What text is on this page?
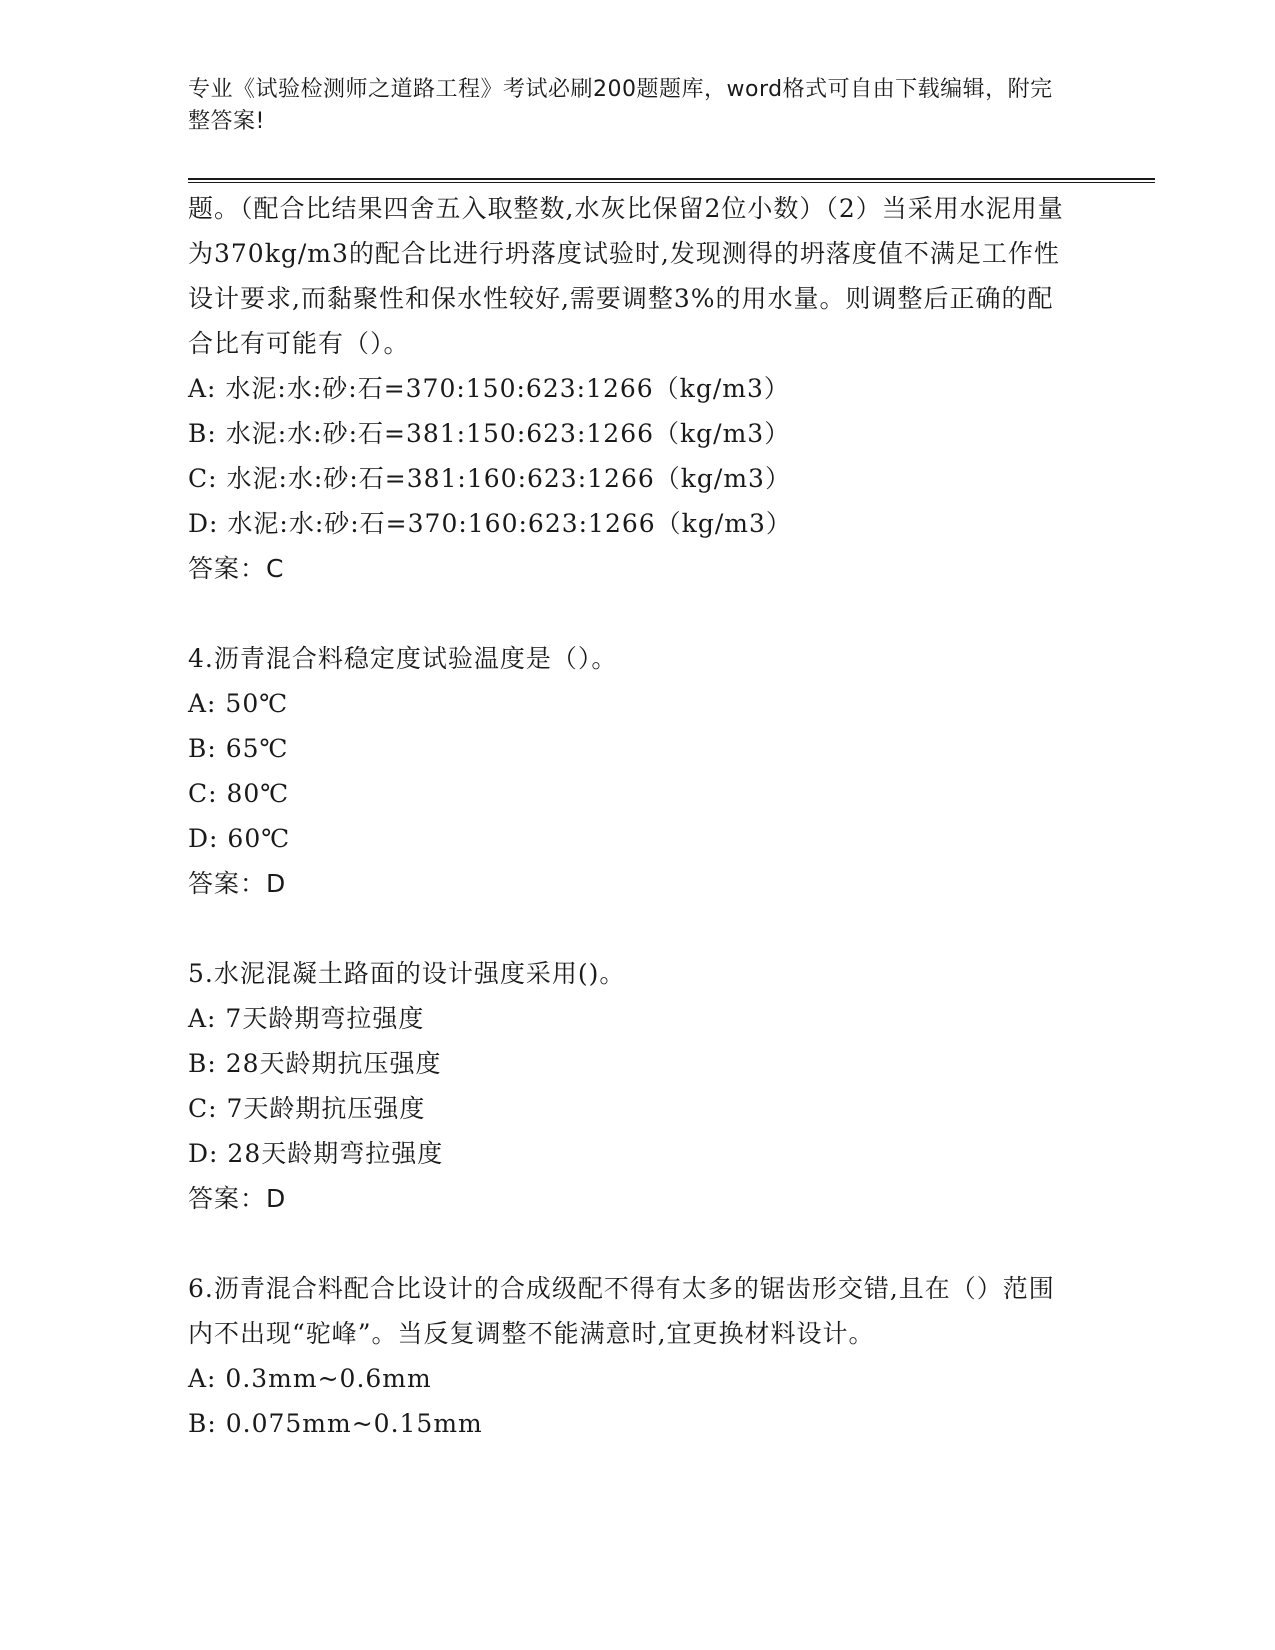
专业《试验检测师之道路工程》考试必刷200题题库，word格式可自由下载编辑，附完整答案!
题。（配合比结果四舍五入取整数,水灰比保留2位小数）（2）当采用水泥用量为370kg/m3的配合比进行坍落度试验时,发现测得的坍落度值不满足工作性设计要求,而黏聚性和保水性较好,需要调整3%的用水量。则调整后正确的配合比有可能有（）。
A: 水泥:水:砂:石=370:150:623:1266（kg/m3）
B: 水泥:水:砂:石=381:150:623:1266（kg/m3）
C: 水泥:水:砂:石=381:160:623:1266（kg/m3）
D: 水泥:水:砂:石=370:160:623:1266（kg/m3）
答案：C
4.沥青混合料稳定度试验温度是（）。
A: 50℃
B: 65℃
C: 80℃
D: 60℃
答案：D
5.水泥混凝土路面的设计强度采用()。
A: 7天龄期弯拉强度
B: 28天龄期抗压强度
C: 7天龄期抗压强度
D: 28天龄期弯拉强度
答案：D
6.沥青混合料配合比设计的合成级配不得有太多的锯齿形交错,且在（）范围内不出现“驼峰”。当反复调整不能满意时,宜更换材料设计。
A: 0.3mm~0.6mm
B: 0.075mm~0.15mm
